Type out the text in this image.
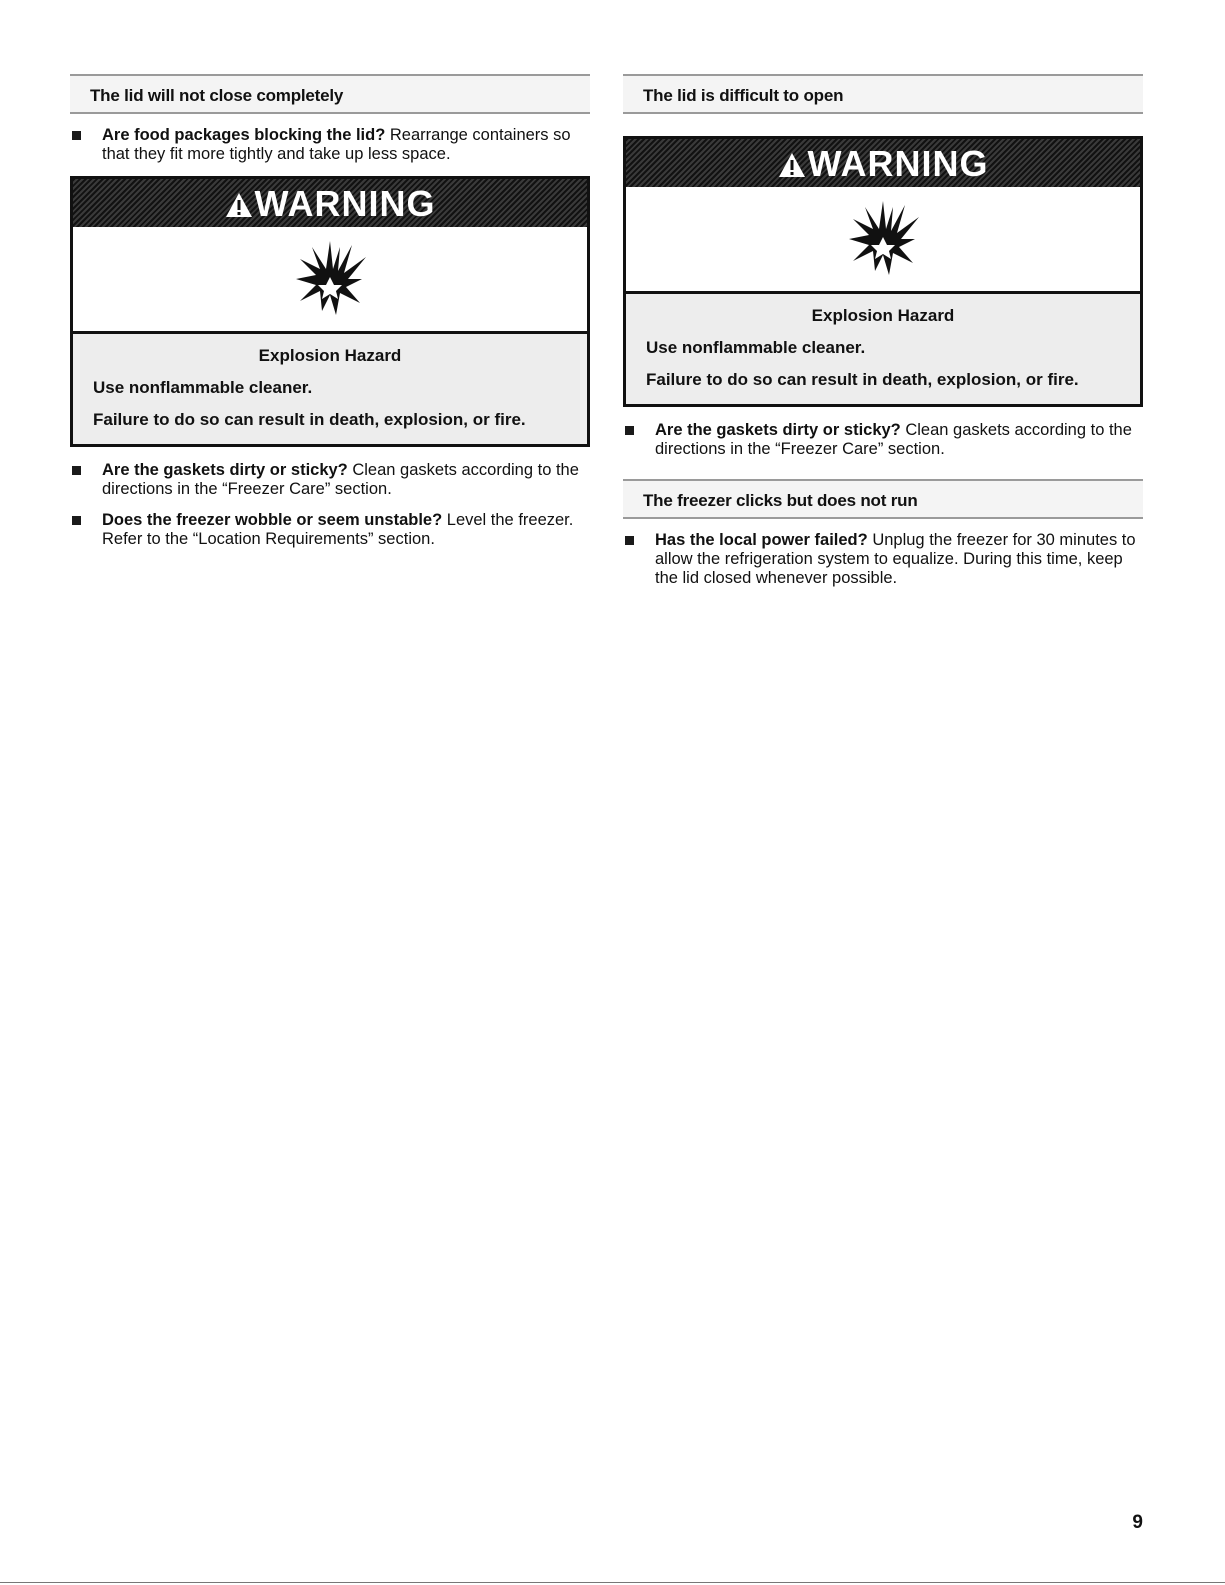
The lid will not close completely
Are food packages blocking the lid? Rearrange containers so that they fit more tightly and take up less space.
WARNING
Explosion Hazard
Use nonflammable cleaner.
Failure to do so can result in death, explosion, or fire.
Are the gaskets dirty or sticky? Clean gaskets according to the directions in the “Freezer Care” section.
Does the freezer wobble or seem unstable? Level the freezer. Refer to the “Location Requirements” section.
The lid is difficult to open
WARNING
Explosion Hazard
Use nonflammable cleaner.
Failure to do so can result in death, explosion, or fire.
Are the gaskets dirty or sticky? Clean gaskets according to the directions in the “Freezer Care” section.
The freezer clicks but does not run
Has the local power failed? Unplug the freezer for 30 minutes to allow the refrigeration system to equalize. During this time, keep the lid closed whenever possible.
9
